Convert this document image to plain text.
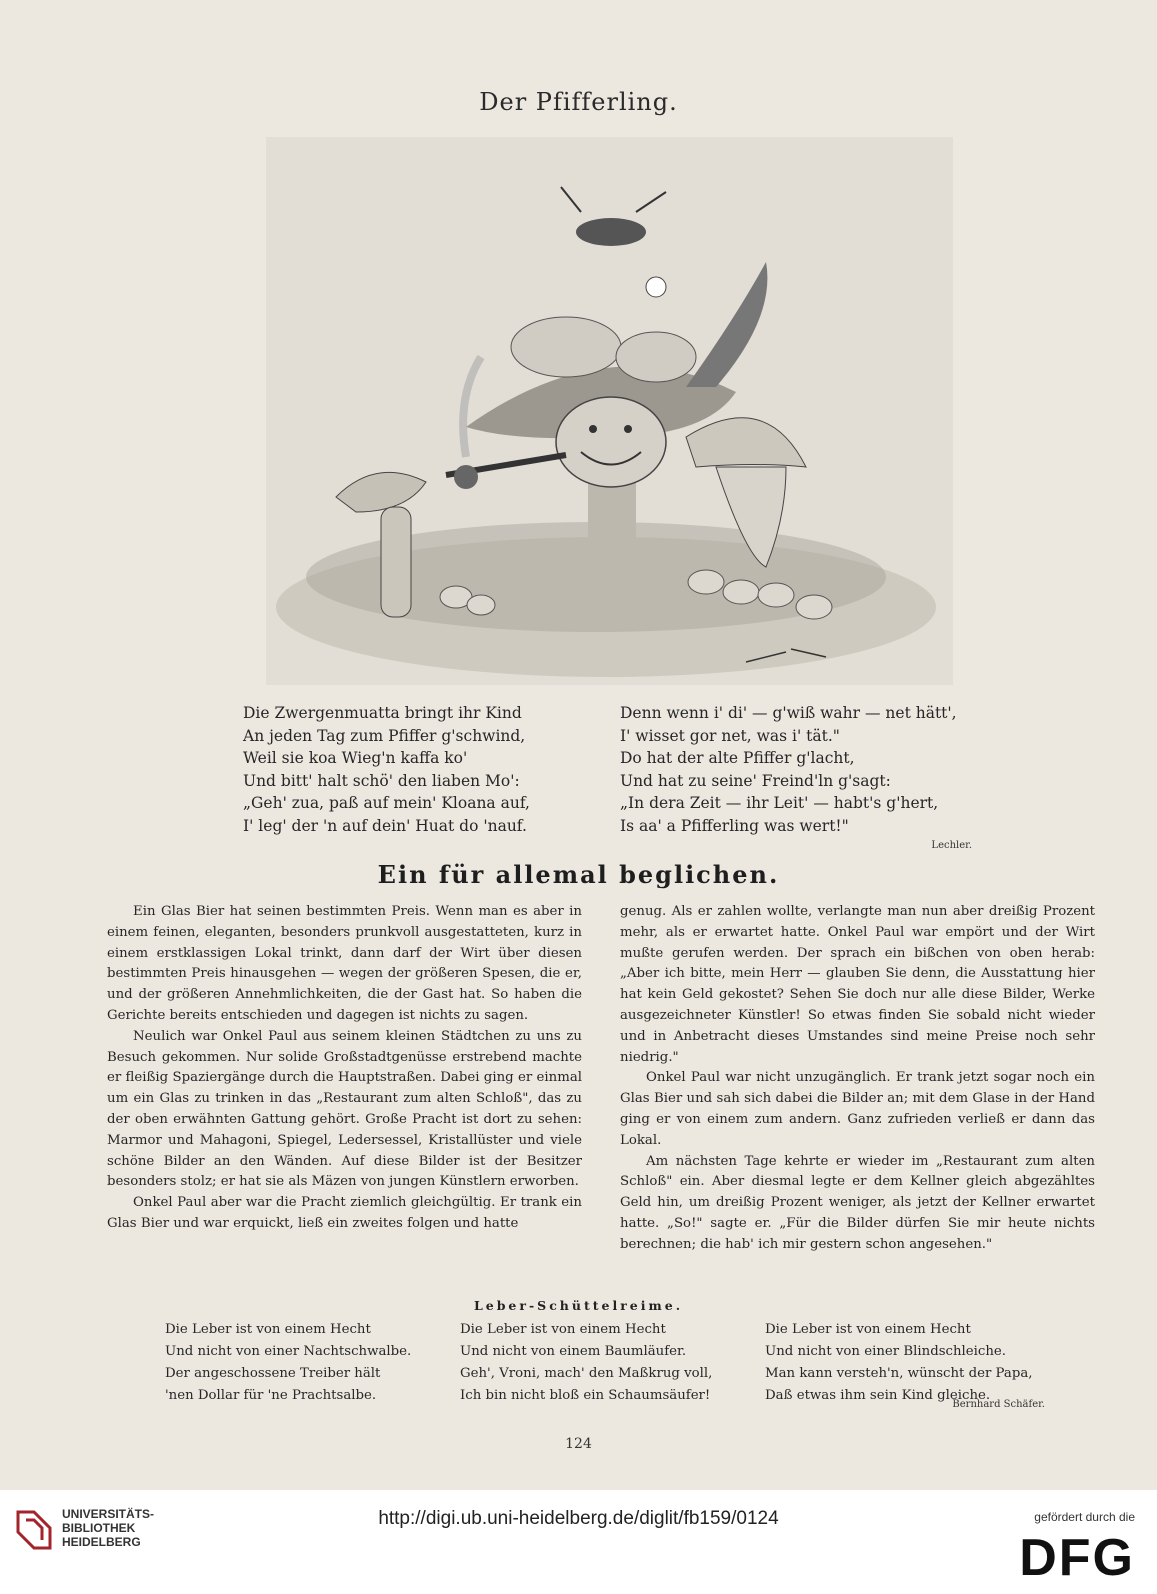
Der Pfifferling.
Die Zwergenmuatta bringt ihr Kind
An jeden Tag zum Pfiffer g'schwind,
Weil sie koa Wieg'n kaffa ko'
Und bitt' halt schö' den liaben Mo':
„Geh' zua, paß auf mein' Kloana auf,
I' leg' der 'n auf dein' Huat do 'nauf.
Denn wenn i' di' — g'wiß wahr — net hätt',
I' wisset gor net, was i' tät."
Do hat der alte Pfiffer g'lacht,
Und hat zu seine' Freind'ln g'sagt:
„In dera Zeit — ihr Leit' — habt's g'hert,
Is aa' a Pfifferling was wert!"
Lechler.
Ein für allemal beglichen.

Ein Glas Bier hat seinen bestimmten Preis. Wenn man es aber in einem feinen, eleganten, besonders prunkvoll ausgestatteten, kurz in einem erstklassigen Lokal trinkt, dann darf der Wirt über diesen bestimmten Preis hinausgehen — wegen der größeren Spesen, die er, und der größeren Annehmlichkeiten, die der Gast hat. So haben die Gerichte bereits entschieden und dagegen ist nichts zu sagen.

Neulich war Onkel Paul aus seinem kleinen Städtchen zu uns zu Besuch gekommen. Nur solide Großstadtgenüsse erstrebend machte er fleißig Spaziergänge durch die Hauptstraßen. Dabei ging er einmal um ein Glas zu trinken in das „Restaurant zum alten Schloß", das zu der oben erwähnten Gattung gehört. Große Pracht ist dort zu sehen: Marmor und Mahagoni, Spiegel, Ledersessel, Kristallüster und viele schöne Bilder an den Wänden. Auf diese Bilder ist der Besitzer besonders stolz; er hat sie als Mäzen von jungen Künstlern erworben.

Onkel Paul aber war die Pracht ziemlich gleichgültig. Er trank ein Glas Bier und war erquickt, ließ ein zweites folgen und hatte

genug. Als er zahlen wollte, verlangte man nun aber dreißig Prozent mehr, als er erwartet hatte. Onkel Paul war empört und der Wirt mußte gerufen werden. Der sprach ein bißchen von oben herab: „Aber ich bitte, mein Herr — glauben Sie denn, die Ausstattung hier hat kein Geld gekostet? Sehen Sie doch nur alle diese Bilder, Werke ausgezeichneter Künstler! So etwas finden Sie sobald nicht wieder und in Anbetracht dieses Umstandes sind meine Preise noch sehr niedrig."

Onkel Paul war nicht unzugänglich. Er trank jetzt sogar noch ein Glas Bier und sah sich dabei die Bilder an; mit dem Glase in der Hand ging er von einem zum andern. Ganz zufrieden verließ er dann das Lokal.

Am nächsten Tage kehrte er wieder im „Restaurant zum alten Schloß" ein. Aber diesmal legte er dem Kellner gleich abgezähltes Geld hin, um dreißig Prozent weniger, als jetzt der Kellner erwartet hatte. „So!" sagte er. „Für die Bilder dürfen Sie mir heute nichts berechnen; die hab' ich mir gestern schon angesehen."

Leber-Schüttelreime.
Die Leber ist von einem Hecht
Und nicht von einer Nachtschwalbe.
Der angeschossene Treiber hält
'nen Dollar für 'ne Prachtsalbe.
Die Leber ist von einem Hecht
Und nicht von einem Baumläufer.
Geh', Vroni, mach' den Maßkrug voll,
Ich bin nicht bloß ein Schaumsäufer!
Die Leber ist von einem Hecht
Und nicht von einer Blindschleiche.
Man kann versteh'n, wünscht der Papa,
Daß etwas ihm sein Kind gleiche.
Bernhard Schäfer.
124
UNIVERSITÄTS-
BIBLIOTHEK
HEIDELBERG
http://digi.ub.uni-heidelberg.de/diglit/fb159/0124	gefördert durch die
DFG
